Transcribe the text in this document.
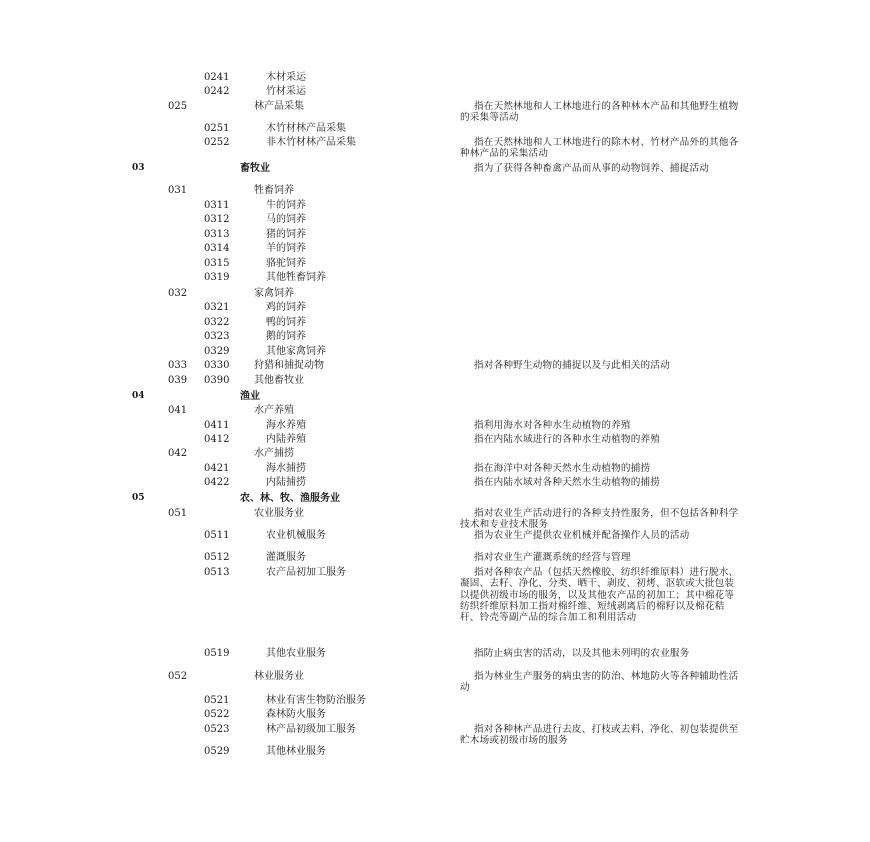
0241	木材采运
0242	竹材采运
025	林产品采集	指在天然林地和人工林地进行的各种林木产品和其他野生植物的采集等活动
0251	木竹材林产品采集
0252	非木竹材林产品采集	指在天然林地和人工林地进行的除木材、竹材产品外的其他各种林产品的采集活动
03	畜牧业	指为了获得各种畜禽产品而从事的动物饲养、捕捉活动
031	牲畜饲养
0311	牛的饲养
0312	马的饲养
0313	猪的饲养
0314	羊的饲养
0315	骆驼饲养
0319	其他牲畜饲养
032	家禽饲养
0321	鸡的饲养
0322	鸭的饲养
0323	鹅的饲养
0329	其他家禽饲养
033 0330 狩猎和捕捉动物	指对各种野生动物的捕捉以及与此相关的活动
039 0390 其他畜牧业
04	渔业
041	水产养殖
0411	海水养殖	指利用海水对各种水生动植物的养殖
0412	内陆养殖	指在内陆水域进行的各种水生动植物的养殖
042	水产捕捞
0421	海水捕捞	指在海洋中对各种天然水生动植物的捕捞
0422	内陆捕捞	指在内陆水域对各种天然水生动植物的捕捞
05	农、林、牧、渔服务业
051	农业服务业	指对农业生产活动进行的各种支持性服务，但不包括各种科学技术和专业技术服务
0511	农业机械服务	指为农业生产提供农业机械并配备操作人员的活动
0512	灌溉服务	指对农业生产灌溉系统的经营与管理
0513	农产品初加工服务	指对各种农产品（包括天然橡胶、纺织纤维原料）进行脱水、凝固、去籽、净化、分类、晒干、剥皮、初烤、沤软或大批包装以提供初级市场的服务，以及其他农产品的初加工；其中棉花等纺织纤维原料加工指对棉纤维、短绒剥离后的棉籽以及棉花秸秆、铃壳等副产品的综合加工和利用活动
0519	其他农业服务	指防止病虫害的活动，以及其他未列明的农业服务
052	林业服务业	指为林业生产服务的病虫害的防治、林地防火等各种辅助性活动
0521	林业有害生物防治服务
0522	森林防火服务
0523	林产品初级加工服务	指对各种林产品进行去皮、打枝或去料、净化、初包装提供至贮木场或初级市场的服务
0529	其他林业服务
